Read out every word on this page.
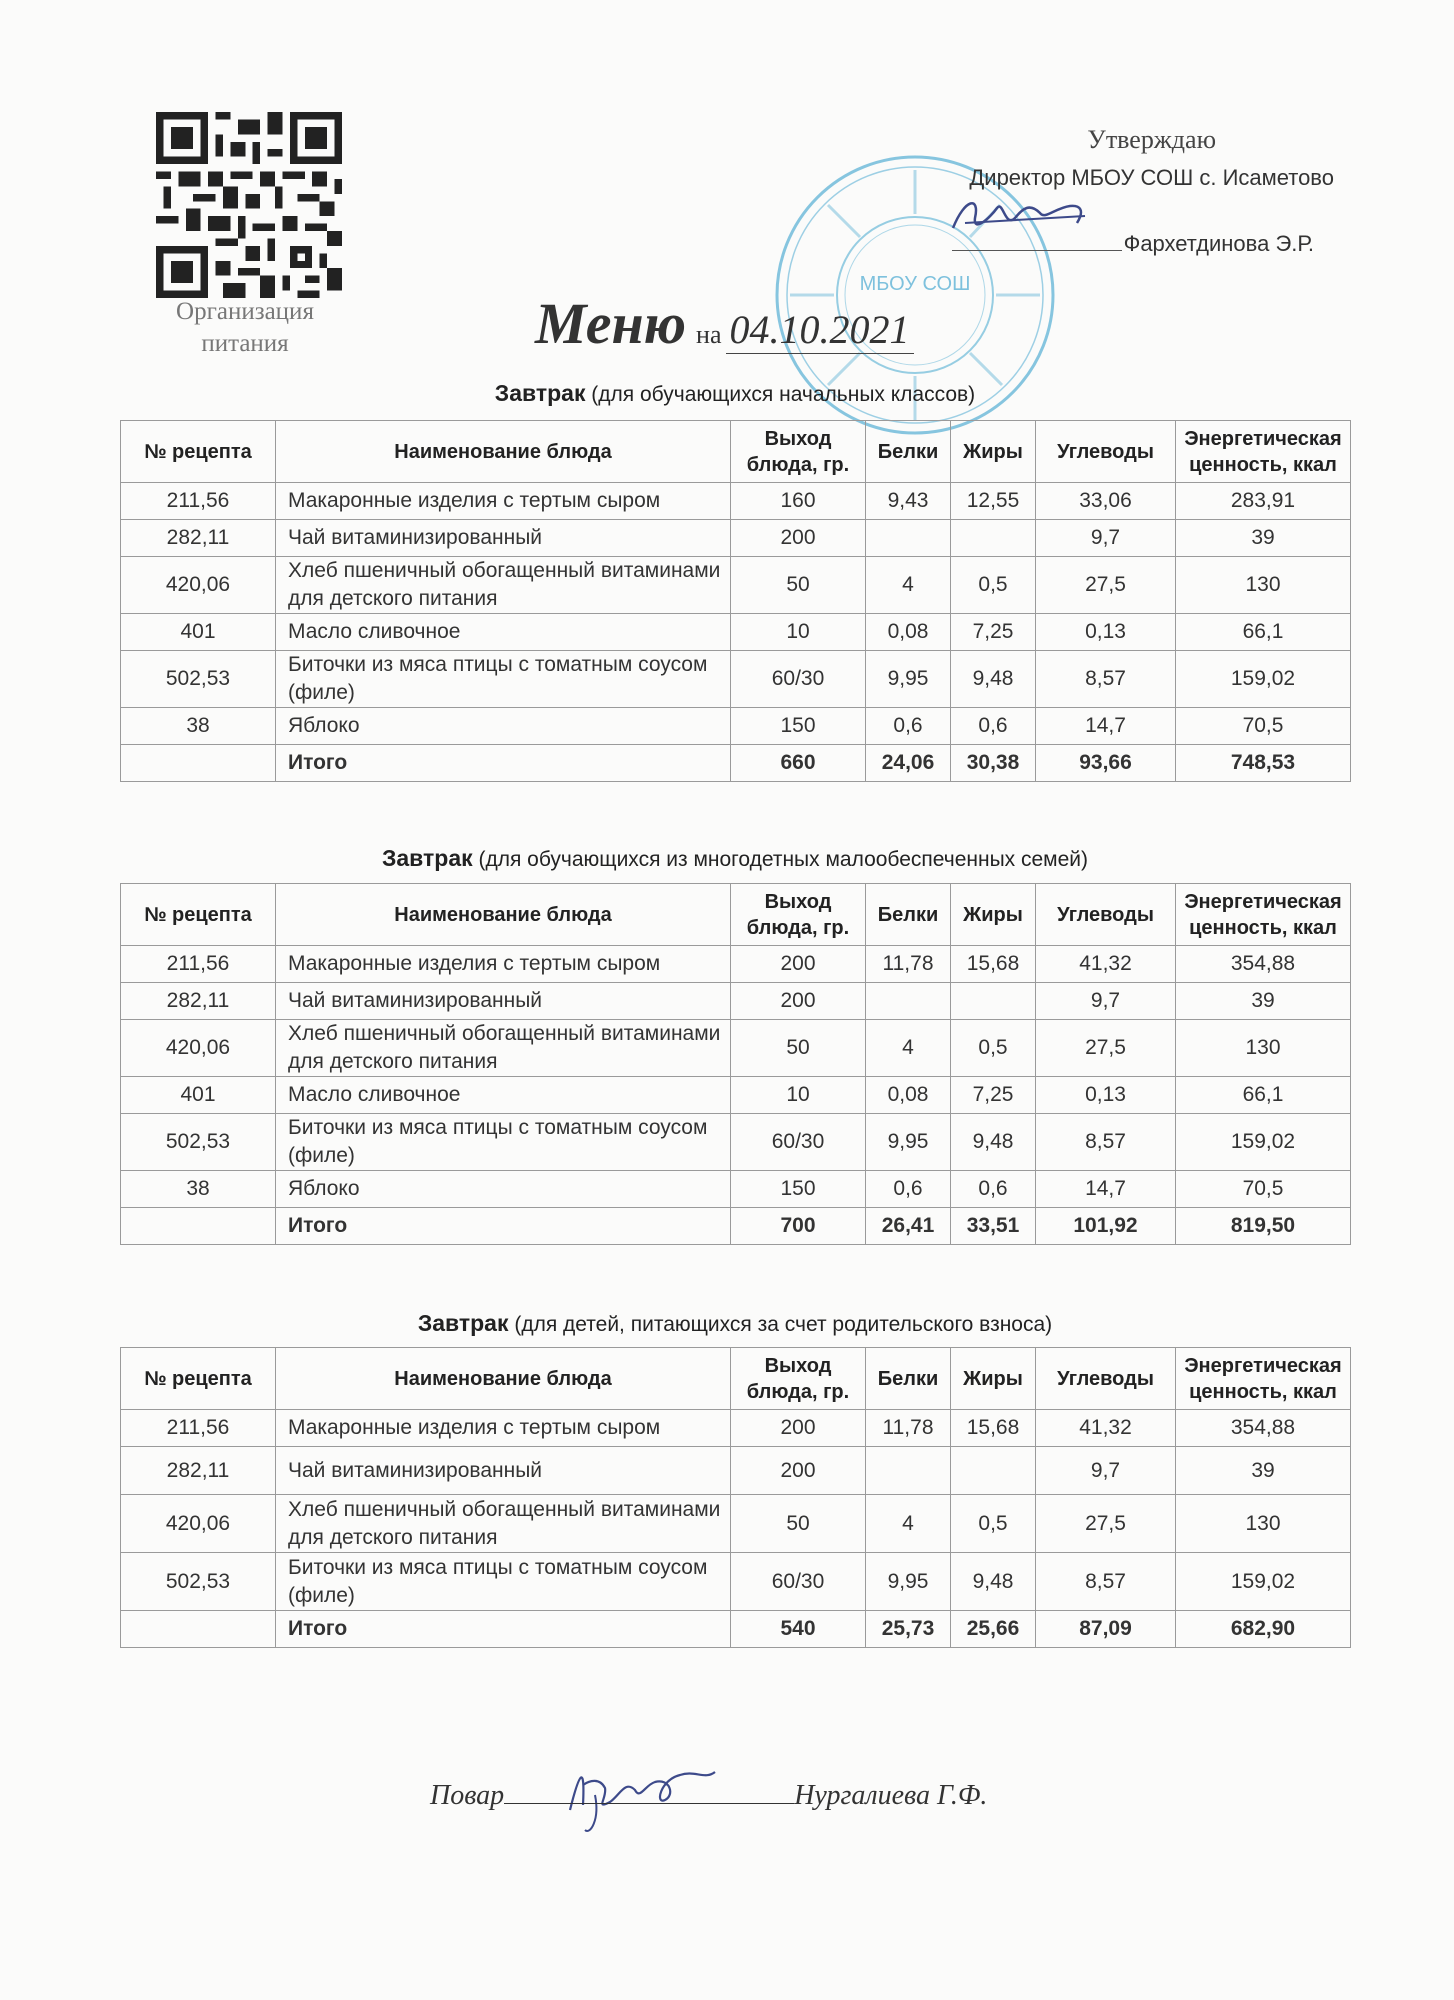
Организация питания
МБОУ СОШ
Утверждаю
Директор МБОУ СОШ с. Исаметово
Фархетдинова Э.Р.
Меню на 04.10.2021
Завтрак (для обучающихся начальных классов)
№ рецепта	Наименование блюда	Выход блюда, гр.	Белки	Жиры	Углеводы	Энергетическая ценность, ккал
211,56	Макаронные изделия с тертым сыром	160	9,43	12,55	33,06	283,91
282,11	Чай витаминизированный	200			9,7	39
420,06	Хлеб пшеничный обогащенный витаминами для детского питания	50	4	0,5	27,5	130
401	Масло сливочное	10	0,08	7,25	0,13	66,1
502,53	Биточки из мяса птицы с томатным соусом (филе)	60/30	9,95	9,48	8,57	159,02
38	Яблоко	150	0,6	0,6	14,7	70,5
	Итого	660	24,06	30,38	93,66	748,53
Завтрак (для обучающихся из многодетных малообеспеченных семей)
№ рецепта	Наименование блюда	Выход блюда, гр.	Белки	Жиры	Углеводы	Энергетическая ценность, ккал
211,56	Макаронные изделия с тертым сыром	200	11,78	15,68	41,32	354,88
282,11	Чай витаминизированный	200			9,7	39
420,06	Хлеб пшеничный обогащенный витаминами для детского питания	50	4	0,5	27,5	130
401	Масло сливочное	10	0,08	7,25	0,13	66,1
502,53	Биточки из мяса птицы с томатным соусом (филе)	60/30	9,95	9,48	8,57	159,02
38	Яблоко	150	0,6	0,6	14,7	70,5
	Итого	700	26,41	33,51	101,92	819,50
Завтрак (для детей, питающихся за счет родительского взноса)
№ рецепта	Наименование блюда	Выход блюда, гр.	Белки	Жиры	Углеводы	Энергетическая ценность, ккал
211,56	Макаронные изделия с тертым сыром	200	11,78	15,68	41,32	354,88
282,11	Чай витаминизированный	200			9,7	39
420,06	Хлеб пшеничный обогащенный витаминами для детского питания	50	4	0,5	27,5	130
502,53	Биточки из мяса птицы с томатным соусом (филе)	60/30	9,95	9,48	8,57	159,02
	Итого	540	25,73	25,66	87,09	682,90
Повар	Нургалиева Г.Ф.
